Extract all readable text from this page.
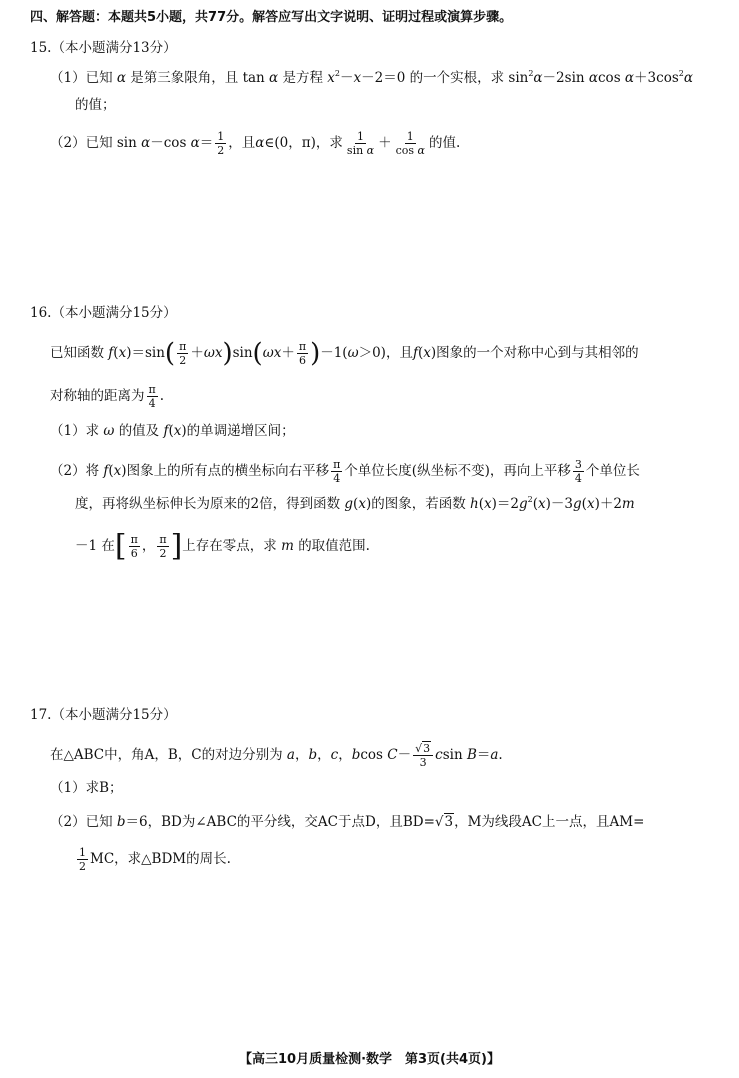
四、解答题：本题共5小题，共77分。解答应写出文字说明、证明过程或演算步骤。
15.（本小题满分13分）
（1）已知 α 是第三象限角，且 tan α 是方程 $x^2-x-2=0$ 的一个实根，求 $\sin^2\alpha-2\sin$ αcos $\alpha+3\cos^2\alpha$
的值；
（2）已知 sin α－cos $\alpha= \frac{1}{2}$ ，且α∈(0，π)，求 $\frac{1}{\text{sin α}} + \frac{1}{\text{cos α}}$ 的值.
16.（本小题满分15分）
已知函数 $f(x)=\sin( \frac{\pi}{2} +\omega x)\sin(\omega x+ \frac{\pi}{6} )-1(\omega>0)$，且f(x)图象的一个对称中心到与其相邻的
对称轴的距离为 $\frac{\pi}{4}$ .
（1）求 ω 的值及 f(x)的单调递增区间；
（2）将 f(x)图象上的所有点的横坐标向右平移 $\frac{\pi}{4}$ 个单位长度(纵坐标不变)，再向上平移 $\frac{3}{4}$ 个单位长
度，再将纵坐标伸长为原来的2倍，得到函数 g(x)的图象，若函数 $h(x)=2g^2(x)-3g(x)+2m$
－1 在[ $\frac{\pi}{6}$ ， $\frac{\pi}{2}$ ]上存在零点，求 m 的取值范围.
17.（本小题满分15分）
在△ABC中，角A，B，C的对边分别为 a，b，c，bcos $C- \frac{√3}{3}$ csin B＝a.
（1）求B；
（2）已知 b＝6，BD为∠ABC的平分线，交AC于点D，且BD=√3，M为线段AC上一点，且AM=
$\frac{1}{2}$ MC，求△BDM的周长.
【高三10月质量检测·数学　第3页(共4页)】
